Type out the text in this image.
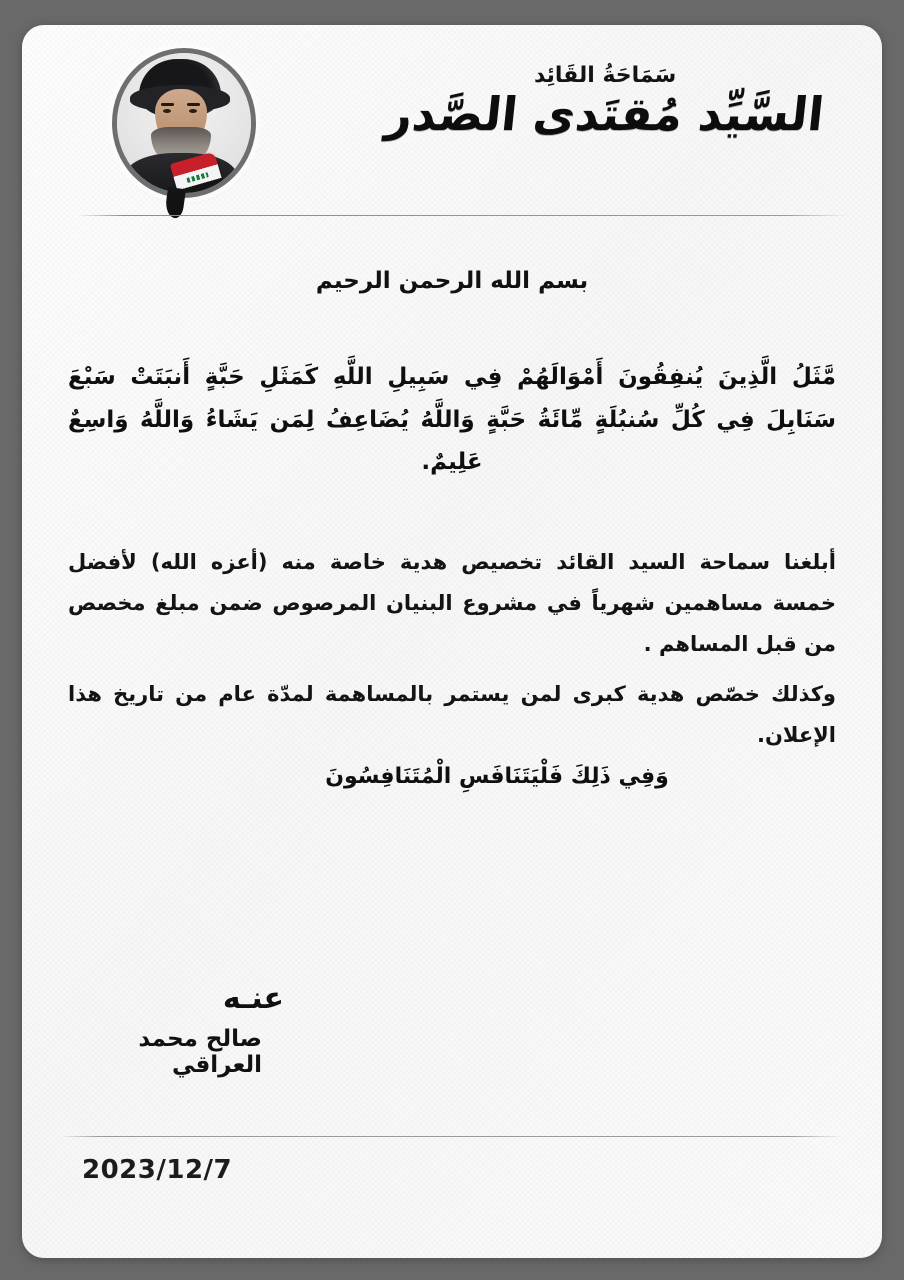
سَمَاحَةُ القَائِد
السَّيِّد مُقتَدى الصَّدر
بسم الله الرحمن الرحيم
مَّثَلُ الَّذِينَ يُنفِقُونَ أَمْوَالَهُمْ فِي سَبِيلِ اللَّهِ كَمَثَلِ حَبَّةٍ أَنبَتَتْ سَبْعَ سَنَابِلَ فِي كُلِّ سُنبُلَةٍ مِّائَةُ حَبَّةٍ وَاللَّهُ يُضَاعِفُ لِمَن يَشَاءُ وَاللَّهُ وَاسِعٌ عَلِيمٌ.
أبلغنا سماحة السيد القائد تخصيص هدية خاصة منه (أعزه الله) لأفضل خمسة مساهمين شهرياً في مشروع البنيان المرصوص ضمن مبلغ مخصص من قبل المساهم .
وكذلك خصّص هدية كبرى لمن يستمر بالمساهمة لمدّة عام من تاريخ هذا الإعلان.
وَفِي ذَلِكَ فَلْيَتَنَافَسِ الْمُتَنَافِسُونَ
عنـه
صالح محمد العراقي
2023/12/7
